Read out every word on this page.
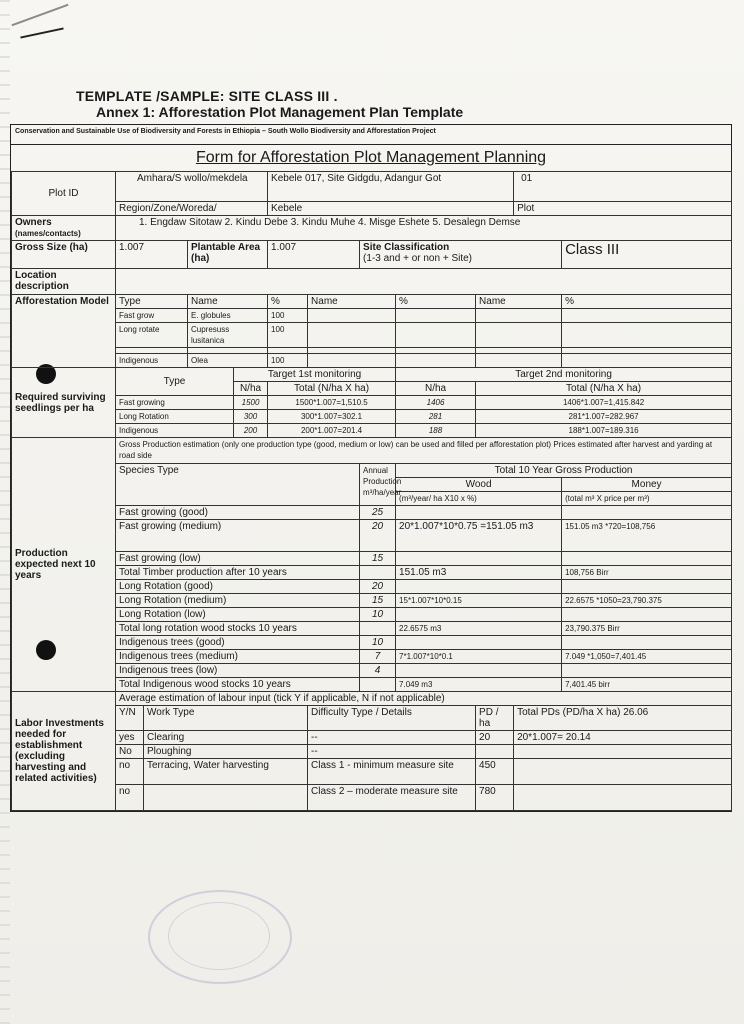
TEMPLATE /SAMPLE: SITE CLASS III .
Annex 1: Afforestation Plot Management Plan Template
Conservation and Sustainable Use of Biodiversity and Forests in Ethiopia – South Wollo Biodiversity and Afforestation Project
Form for Afforestation Plot Management Planning
Plot ID	Amhara/S wollo/mekdela				Kebele 017, Site Gidgdu, Adangur Got					01	
	Region/Zone/Woreda/				Kebele					Plot	
Owners
(names/contacts)	1. Engdaw Sitotaw 2. Kindu Debe 3. Kindu Muhe 4. Misge Eshete 5. Desalegn Demse										
Gross Size (ha)	1.007		Plantable Area (ha)		1.007		Site Classification
(1-3 and + or non + Site)				Class III
Location description											
Afforestation Model	Type		Name		%	Name		%	Name		%
	Fast grow		E. globules		100						
	Long rotate		Cupresuss lusitanica		100						

	Indigenous		Olea		100						
Required surviving seedlings per ha	Type			Target 1st monitoring				Target 2nd monitoring			
				N/ha	Total (N/ha X ha)			N/ha	Total (N/ha X ha)		
	Fast growing			1500	1500*1.007=1,510.5			1406	1406*1.007=1,415.842		
	Long Rotation			300	300*1.007=302.1			281	281*1.007=282.967		
	Indigenous			200	200*1.007=201.4			188	188*1.007=189.316		
Production expected next 10 years	Gross Production estimation (only one production type (good, medium or low) can be used and filled per afforestation plot) Prices estimated after harvest and yarding at road side										
	Species Type						Annual Production m³/ha/year	Total 10 Year Gross Production			
								Wood			Money
								(m³/year/ ha X10 x %)			(total m³ X price per m³)
	Fast growing (good)						25				
	Fast growing (medium)						20	20*1.007*10*0.75 =151.05 m3			151.05 m3 *720=108,756
	Fast growing (low)						15				
	Total Timber production after 10 years							151.05 m3			108,756 Birr
	Long Rotation (good)						20				
	Long Rotation (medium)						15	15*1.007*10*0.15			22.6575 *1050=23,790.375
	Long Rotation (low)						10				
	Total long rotation wood stocks 10 years							22.6575 m3			23,790.375 Birr
	Indigenous trees (good)						10				
	Indigenous trees (medium)						7	7*1.007*10*0.1			7.049 *1,050=7,401.45
	Indigenous trees (low)						4				
	Total Indigenous wood stocks 10 years							7.049 m3			7,401.45 birr
Labor Investments needed for establishment (excluding harvesting and related activities)	Average estimation of labour input (tick Y if applicable, N if not applicable)										
	Y/N	Work Type				Difficulty Type / Details			PD / ha	Total PDs (PD/ha X ha) 26.06	
	yes	Clearing				--			20	20*1.007= 20.14	
	No	Ploughing				--					
	no	Terracing, Water harvesting				Class 1 - minimum measure site			450		
	no					Class 2 – moderate measure site			780		
